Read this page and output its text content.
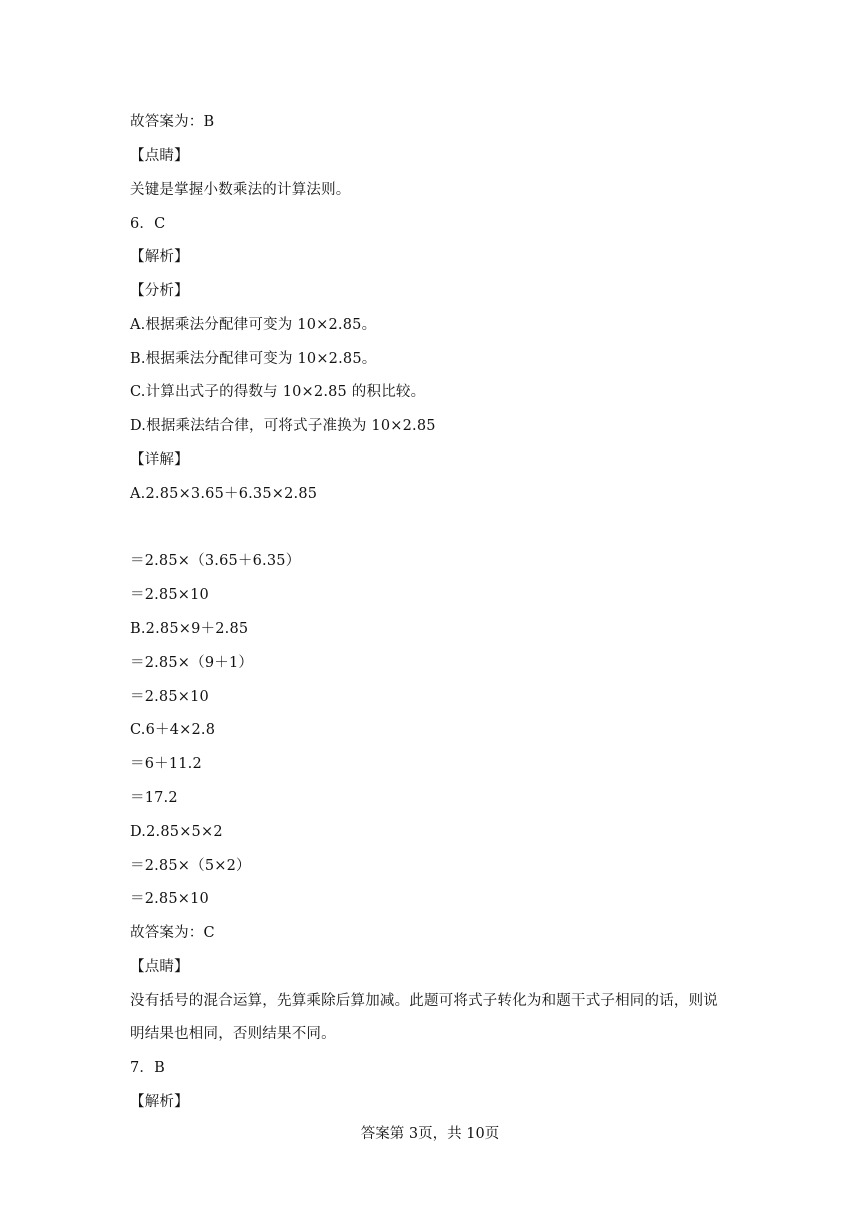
故答案为：B
【点睛】
关键是掌握小数乘法的计算法则。
6．C
【解析】
【分析】
A.根据乘法分配律可变为 10×2.85。
B.根据乘法分配律可变为 10×2.85。
C.计算出式子的得数与 10×2.85 的积比较。
D.根据乘法结合律，可将式子准换为 10×2.85
【详解】
A.2.85×3.65＋6.35×2.85
＝2.85×（3.65＋6.35）
＝2.85×10
B.2.85×9＋2.85
＝2.85×（9＋1）
＝2.85×10
C.6＋4×2.8
＝6＋11.2
＝17.2
D.2.85×5×2
＝2.85×（5×2）
＝2.85×10
故答案为：C
【点睛】
没有括号的混合运算，先算乘除后算加减。此题可将式子转化为和题干式子相同的话，则说
明结果也相同，否则结果不同。
7．B
【解析】
答案第 3页，共 10页
